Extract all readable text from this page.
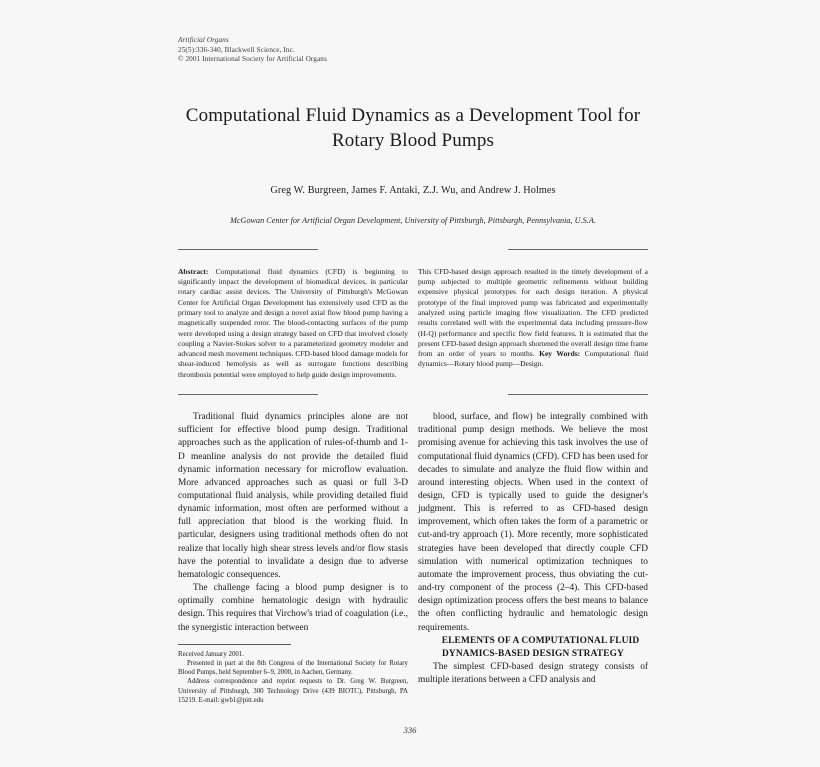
Artificial Organs
25(5):336-340, Blackwell Science, Inc.
© 2001 International Society for Artificial Organs
Computational Fluid Dynamics as a Development Tool for Rotary Blood Pumps
Greg W. Burgreen, James F. Antaki, Z.J. Wu, and Andrew J. Holmes
McGowan Center for Artificial Organ Development, University of Pittsburgh, Pittsburgh, Pennsylvania, U.S.A.
Abstract: Computational fluid dynamics (CFD) is beginning to significantly impact the development of biomedical devices, in particular rotary cardiac assist devices. The University of Pittsburgh's McGowan Center for Artificial Organ Development has extensively used CFD as the primary tool to analyze and design a novel axial flow blood pump having a magnetically suspended rotor. The blood-contacting surfaces of the pump were developed using a design strategy based on CFD that involved closely coupling a Navier-Stokes solver to a parameterized geometry modeler and advanced mesh movement techniques. CFD-based blood damage models for shear-induced hemolysis as well as surrogate functions describing thrombosis potential were employed to help guide design improvements.
This CFD-based design approach resulted in the timely development of a pump subjected to multiple geometric refinements without building expensive physical prototypes for each design iteration. A physical prototype of the final improved pump was fabricated and experimentally analyzed using particle imaging flow visualization. The CFD predicted results correlated well with the experimental data including pressure-flow (H-Q) performance and specific flow field features. It is estimated that the present CFD-based design approach shortened the overall design time frame from an order of years to months. Key Words: Computational fluid dynamics—Rotary blood pump—Design.

Traditional fluid dynamics principles alone are not sufficient for effective blood pump design. Traditional approaches such as the application of rules-of-thumb and 1-D meanline analysis do not provide the detailed fluid dynamic information necessary for microflow evaluation. More advanced approaches such as quasi or full 3-D computational fluid analysis, while providing detailed fluid dynamic information, most often are performed without a full appreciation that blood is the working fluid. In particular, designers using traditional methods often do not realize that locally high shear stress levels and/or flow stasis have the potential to invalidate a design due to adverse hematologic consequences.

The challenge facing a blood pump designer is to optimally combine hematologic design with hydraulic design. This requires that Virchow's triad of coagulation (i.e., the synergistic interaction between

Received January 2001.

Presented in part at the 8th Congress of the International Society for Rotary Blood Pumps, held September 6–9, 2000, in Aachen, Germany.

Address correspondence and reprint requests to Dr. Greg W. Burgreen, University of Pittsburgh, 300 Technology Drive (439 BIOTC), Pittsburgh, PA 15219. E-mail: gwb1@pitt.edu

blood, surface, and flow) be integrally combined with traditional pump design methods. We believe the most promising avenue for achieving this task involves the use of computational fluid dynamics (CFD). CFD has been used for decades to simulate and analyze the fluid flow within and around interesting objects. When used in the context of design, CFD is typically used to guide the designer's judgment. This is referred to as CFD-based design improvement, which often takes the form of a parametric or cut-and-try approach (1). More recently, more sophisticated strategies have been developed that directly couple CFD simulation with numerical optimization techniques to automate the improvement process, thus obviating the cut-and-try component of the process (2–4). This CFD-based design optimization process offers the best means to balance the often conflicting hydraulic and hematologic design requirements.

ELEMENTS OF A COMPUTATIONAL FLUID DYNAMICS-BASED DESIGN STRATEGY

The simplest CFD-based design strategy consists of multiple iterations between a CFD analysis and

336
